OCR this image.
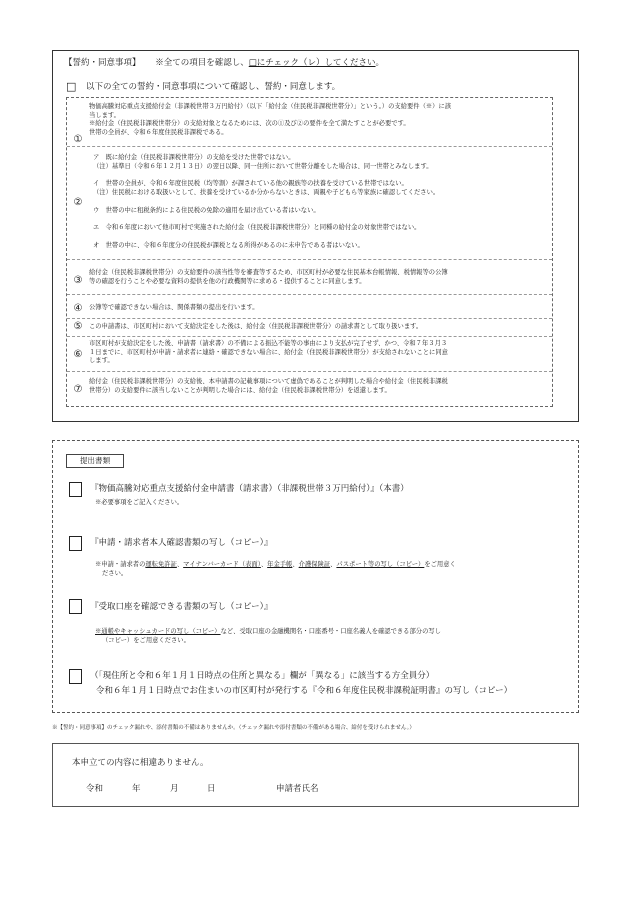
【誓約・同意事項】 ※全ての項目を確認し、□にチェック（レ）してください。
□ 以下の全ての誓約・同意事項について確認し、誓約・同意します。
①
物価高騰対応重点支援給付金（非課税世帯３万円給付）（以下「給付金（住民税非課税世帯分）」という。）の支給要件（※）に該
当します。
※給付金（住民税非課税世帯分）の支給対象となるためには、次の①及び②の要件を全て満たすことが必要です。
世帯の全員が、令和６年度住民税非課税である。
②
ア　既に給付金（住民税非課税世帯分）の支給を受けた世帯ではない。
（注）基準日（令和６年１２月１３日）の翌日以降、同一住所において世帯分離をした場合は、同一世帯とみなします。
イ　世帯の全員が、令和６年度住民税（均等割）が課されている他の親族等の扶養を受けている世帯ではない。
（注）住民税における取扱いとして、扶養を受けているか分からないときは、両親や子どもら等家族に確認してください。
ウ　世帯の中に租税条約による住民税の免除の適用を届け出ている者はいない。
エ　令和６年度において他市町村で実施された給付金（住民税非課税世帯分）と同種の給付金の対象世帯ではない。
オ　世帯の中に、令和６年度分の住民税が課税となる所得があるのに未申告である者はいない。
③
給付金（住民税非課税世帯分）の支給要件の該当性等を審査等するため、市区町村が必要な住民基本台帳情報、税情報等の公簿
等の確認を行うことや必要な資料の提供を他の行政機関等に求める・提供することに同意します。
④	公簿等で確認できない場合は、関係書類の提出を行います。
⑤	この申請書は、市区町村において支給決定をした後は、給付金（住民税非課税世帯分）の請求書として取り扱います。
⑥
市区町村が支給決定をした後、申請書（請求書）の不備による振込不能等の事由により支払が完了せず、かつ、令和７年３月３
１日までに、市区町村が申請・請求者に連絡・確認できない場合に、給付金（住民税非課税世帯分）が支給されないことに同意
します。
⑦
給付金（住民税非課税世帯分）の支給後、本申請書の記載事項について虚偽であることが判明した場合や給付金（住民税非課税
世帯分）の支給要件に該当しないことが判明した場合には、給付金（住民税非課税世帯分）を返還します。
提出書類
『物価高騰対応重点支援給付金申請書（請求書）（非課税世帯３万円給付）』（本書）
※必要事項をご記入ください。
『申請・請求者本人確認書類の写し（コピー）』
※申請・請求者の運転免許証、マイナンバーカード（表面）、年金手帳、介護保険証、パスポート等の写し（コピー）をご用意く
ださい。
『受取口座を確認できる書類の写し（コピー）』
※通帳やキャッシュカードの写し（コピー）など、受取口座の金融機関名・口座番号・口座名義人を確認できる部分の写し
（コピー）をご用意ください。
（「現住所と令和６年１月１日時点の住所と異なる」欄が「異なる」に該当する方全員分）
令和６年１月１日時点でお住まいの市区町村が発行する『令和６年度住民税非課税証明書』の写し（コピー）
※【誓約・同意事項】のチェック漏れや、添付書類の不備はありませんか。（チェック漏れや添付書類の不備がある場合、給付を受けられません。）
本申立ての内容に相違ありません。
令和	年	月	日	申請者氏名
